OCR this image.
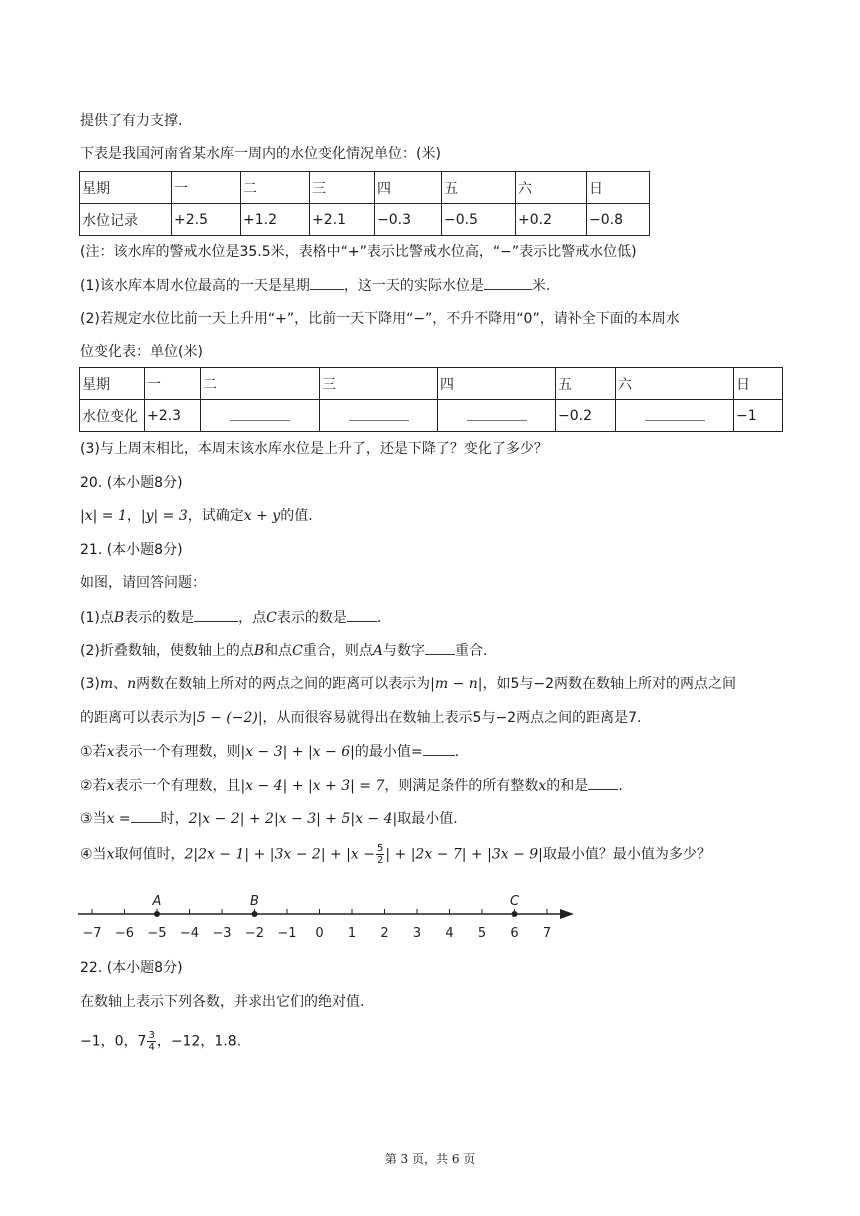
提供了有力支撑.
下表是我国河南省某水库一周内的水位变化情况单位：(米)
星期	一	二	三	四	五	六	日
水位记录	+2.5	+1.2	+2.1	−0.3	−0.5	+0.2	−0.8
(注：该水库的警戒水位是35.5米，表格中“+”表示比警戒水位高，“−”表示比警戒水位低)
(1)该水库本周水位最高的一天是星期 ，这一天的实际水位是	米.
(2)若规定水位比前一天上升用“+”，比前一天下降用“−”，不升不降用“0”，请补全下面的本周水
位变化表：单位(米)
星期	一	二	三	四	五	六	日
水位变化	+2.3				−0.2		−1
(3)与上周末相比，本周末该水库水位是上升了，还是下降了？变化了多少？
20. (本小题8分)
|x| = 1，|y| = 3，试确定x + y的值.
21. (本小题8分)
如图，请回答问题：
(1)点B表示的数是	，点C表示的数是 .
(2)折叠数轴，使数轴上的点B和点C重合，则点A与数字 重合.
(3)m、n两数在数轴上所对的两点之间的距离可以表示为|m − n|，如5与−2两数在数轴上所对的两点之间
的距离可以表示为|5 − (−2)|，从而很容易就得出在数轴上表示5与−2两点之间的距离是7.
①若x表示一个有理数，则|x − 3| + |x − 6|的最小值= .
②若x表示一个有理数，且|x − 4| + |x + 3| = 7，则满足条件的所有整数x的和是 .
③当x = 时，2|x − 2| + 2|x − 3| + 5|x − 4|取最小值.
④当x取何值时，$2|2x - 1| + |3x - 2| + |x - \frac{5}{2}$ | + |2x − 7| + |3x − 9|取最小值？最小值为多少？
−7 −6 −5 −4 −3 −2 −1 0 1 2 3 4 5 6 7
A	B	C
22. (本小题8分)
在数轴上表示下列各数，并求出它们的绝对值.
−1，0，$7 \frac{3}{4}$ ，−12，1.8.
第 3 页，共 6 页
